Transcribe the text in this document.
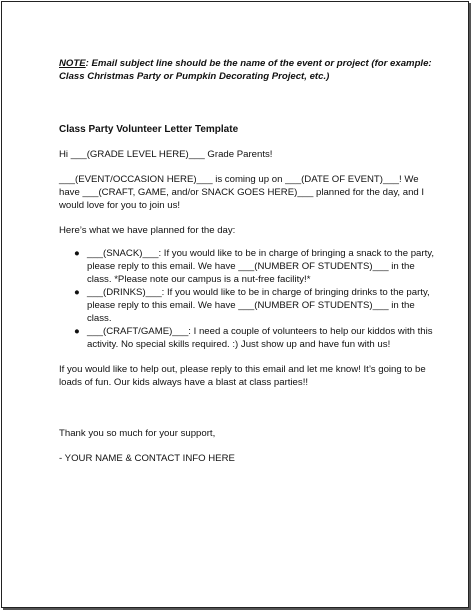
NOTE: Email subject line should be the name of the event or project (for example: Class Christmas Party or Pumpkin Decorating Project, etc.)

Class Party Volunteer Letter Template

Hi ___(GRADE LEVEL HERE)___ Grade Parents!

___(EVENT/OCCASION HERE)___ is coming up on ___(DATE OF EVENT)___! We have ___(CRAFT, GAME, and/or SNACK GOES HERE)___ planned for the day, and I would love for you to join us!

Here’s what we have planned for the day:

● ___(SNACK)___: If you would like to be in charge of bringing a snack to the party, please reply to this email. We have ___(NUMBER OF STUDENTS)___ in the class. *Please note our campus is a nut-free facility!*
● ___(DRINKS)___: If you would like to be in charge of bringing drinks to the party, please reply to this email. We have ___(NUMBER OF STUDENTS)___ in the class.
● ___(CRAFT/GAME)___: I need a couple of volunteers to help our kiddos with this activity. No special skills required. :) Just show up and have fun with us!

If you would like to help out, please reply to this email and let me know! It’s going to be loads of fun. Our kids always have a blast at class parties!!

Thank you so much for your support,

- YOUR NAME & CONTACT INFO HERE
